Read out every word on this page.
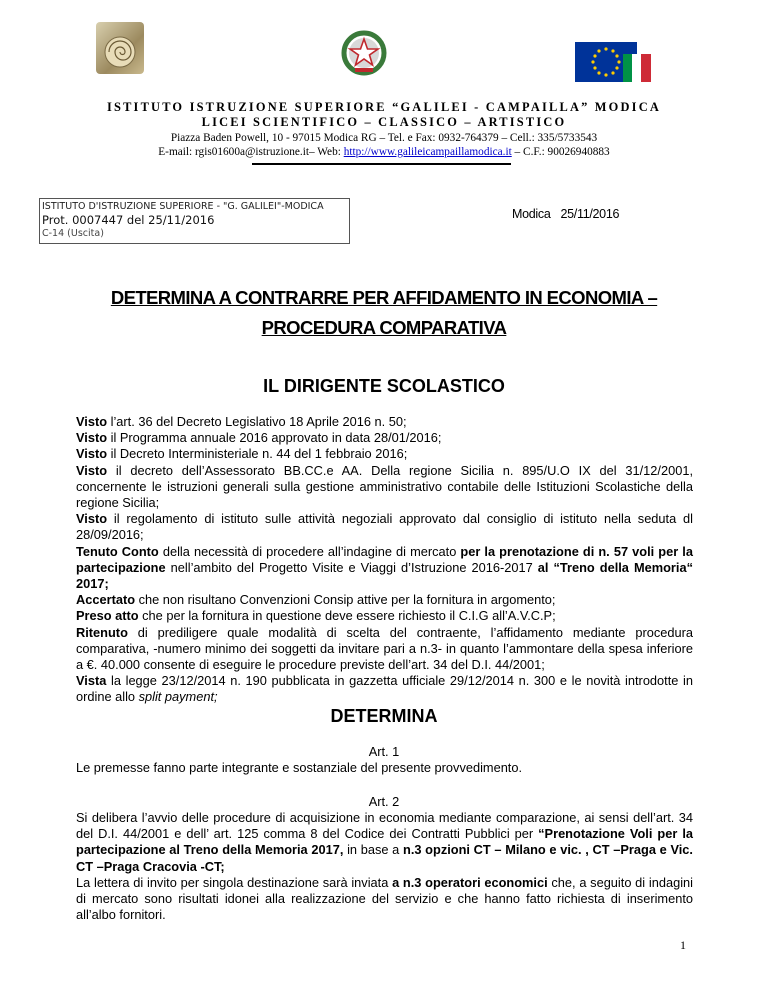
ISTITUTO ISTRUZIONE SUPERIORE “GALILEI - CAMPAILLA” MODICA
LICEI SCIENTIFICO – CLASSICO – ARTISTICO
Piazza Baden Powell, 10 - 97015 Modica RG – Tel. e Fax: 0932-764379 – Cell.: 335/5733543
E-mail: rgis01600a@istruzione.it– Web: http://www.galileicampaillamodica.it – C.F.: 90026940883
ISTITUTO D'ISTRUZIONE SUPERIORE - "G. GALILEI"-MODICA
Prot. 0007447 del 25/11/2016
C-14 (Uscita)
Modica 25/11/2016
DETERMINA A CONTRARRE PER AFFIDAMENTO IN ECONOMIA –
PROCEDURA COMPARATIVA
IL DIRIGENTE SCOLASTICO

Visto l’art. 36 del Decreto Legislativo 18 Aprile 2016 n. 50;

Visto il Programma annuale 2016 approvato in data 28/01/2016;

Visto il Decreto Interministeriale n. 44 del 1 febbraio 2016;

Visto il decreto dell’Assessorato BB.CC.e AA. Della regione Sicilia n. 895/U.O IX del 31/12/2001, concernente le istruzioni generali sulla gestione amministrativo contabile delle Istituzioni Scolastiche della regione Sicilia;

Visto il regolamento di istituto sulle attività negoziali approvato dal consiglio di istituto nella seduta dl 28/09/2016;

Tenuto Conto della necessità di procedere all’indagine di mercato per la prenotazione di n. 57 voli per la partecipazione nell’ambito del Progetto Visite e Viaggi d’Istruzione 2016-2017 al “Treno della Memoria“ 2017;

Accertato che non risultano Convenzioni Consip attive per la fornitura in argomento;

Preso atto che per la fornitura in questione deve essere richiesto il C.I.G all’A.V.C.P;

Ritenuto di prediligere quale modalità di scelta del contraente, l’affidamento mediante procedura comparativa, -numero minimo dei soggetti da invitare pari a n.3- in quanto l’ammontare della spesa inferiore a €. 40.000 consente di eseguire le procedure previste dell’art. 34 del D.I. 44/2001;

Vista la legge 23/12/2014 n. 190 pubblicata in gazzetta ufficiale 29/12/2014 n. 300 e le novità introdotte in ordine allo split payment;

DETERMINA
Art. 1

Le premesse fanno parte integrante e sostanziale del presente provvedimento.

Art. 2

Si delibera l’avvio delle procedure di acquisizione in economia mediante comparazione, ai sensi dell’art. 34 del D.I. 44/2001 e dell’ art. 125 comma 8 del Codice dei Contratti Pubblici per “Prenotazione Voli per la partecipazione al Treno della Memoria 2017, in base a n.3 opzioni CT – Milano e vic. , CT –Praga e Vic. CT –Praga Cracovia -CT;

La lettera di invito per singola destinazione sarà inviata a n.3 operatori economici che, a seguito di indagini di mercato sono risultati idonei alla realizzazione del servizio e che hanno fatto richiesta di inserimento all’albo fornitori.

1
